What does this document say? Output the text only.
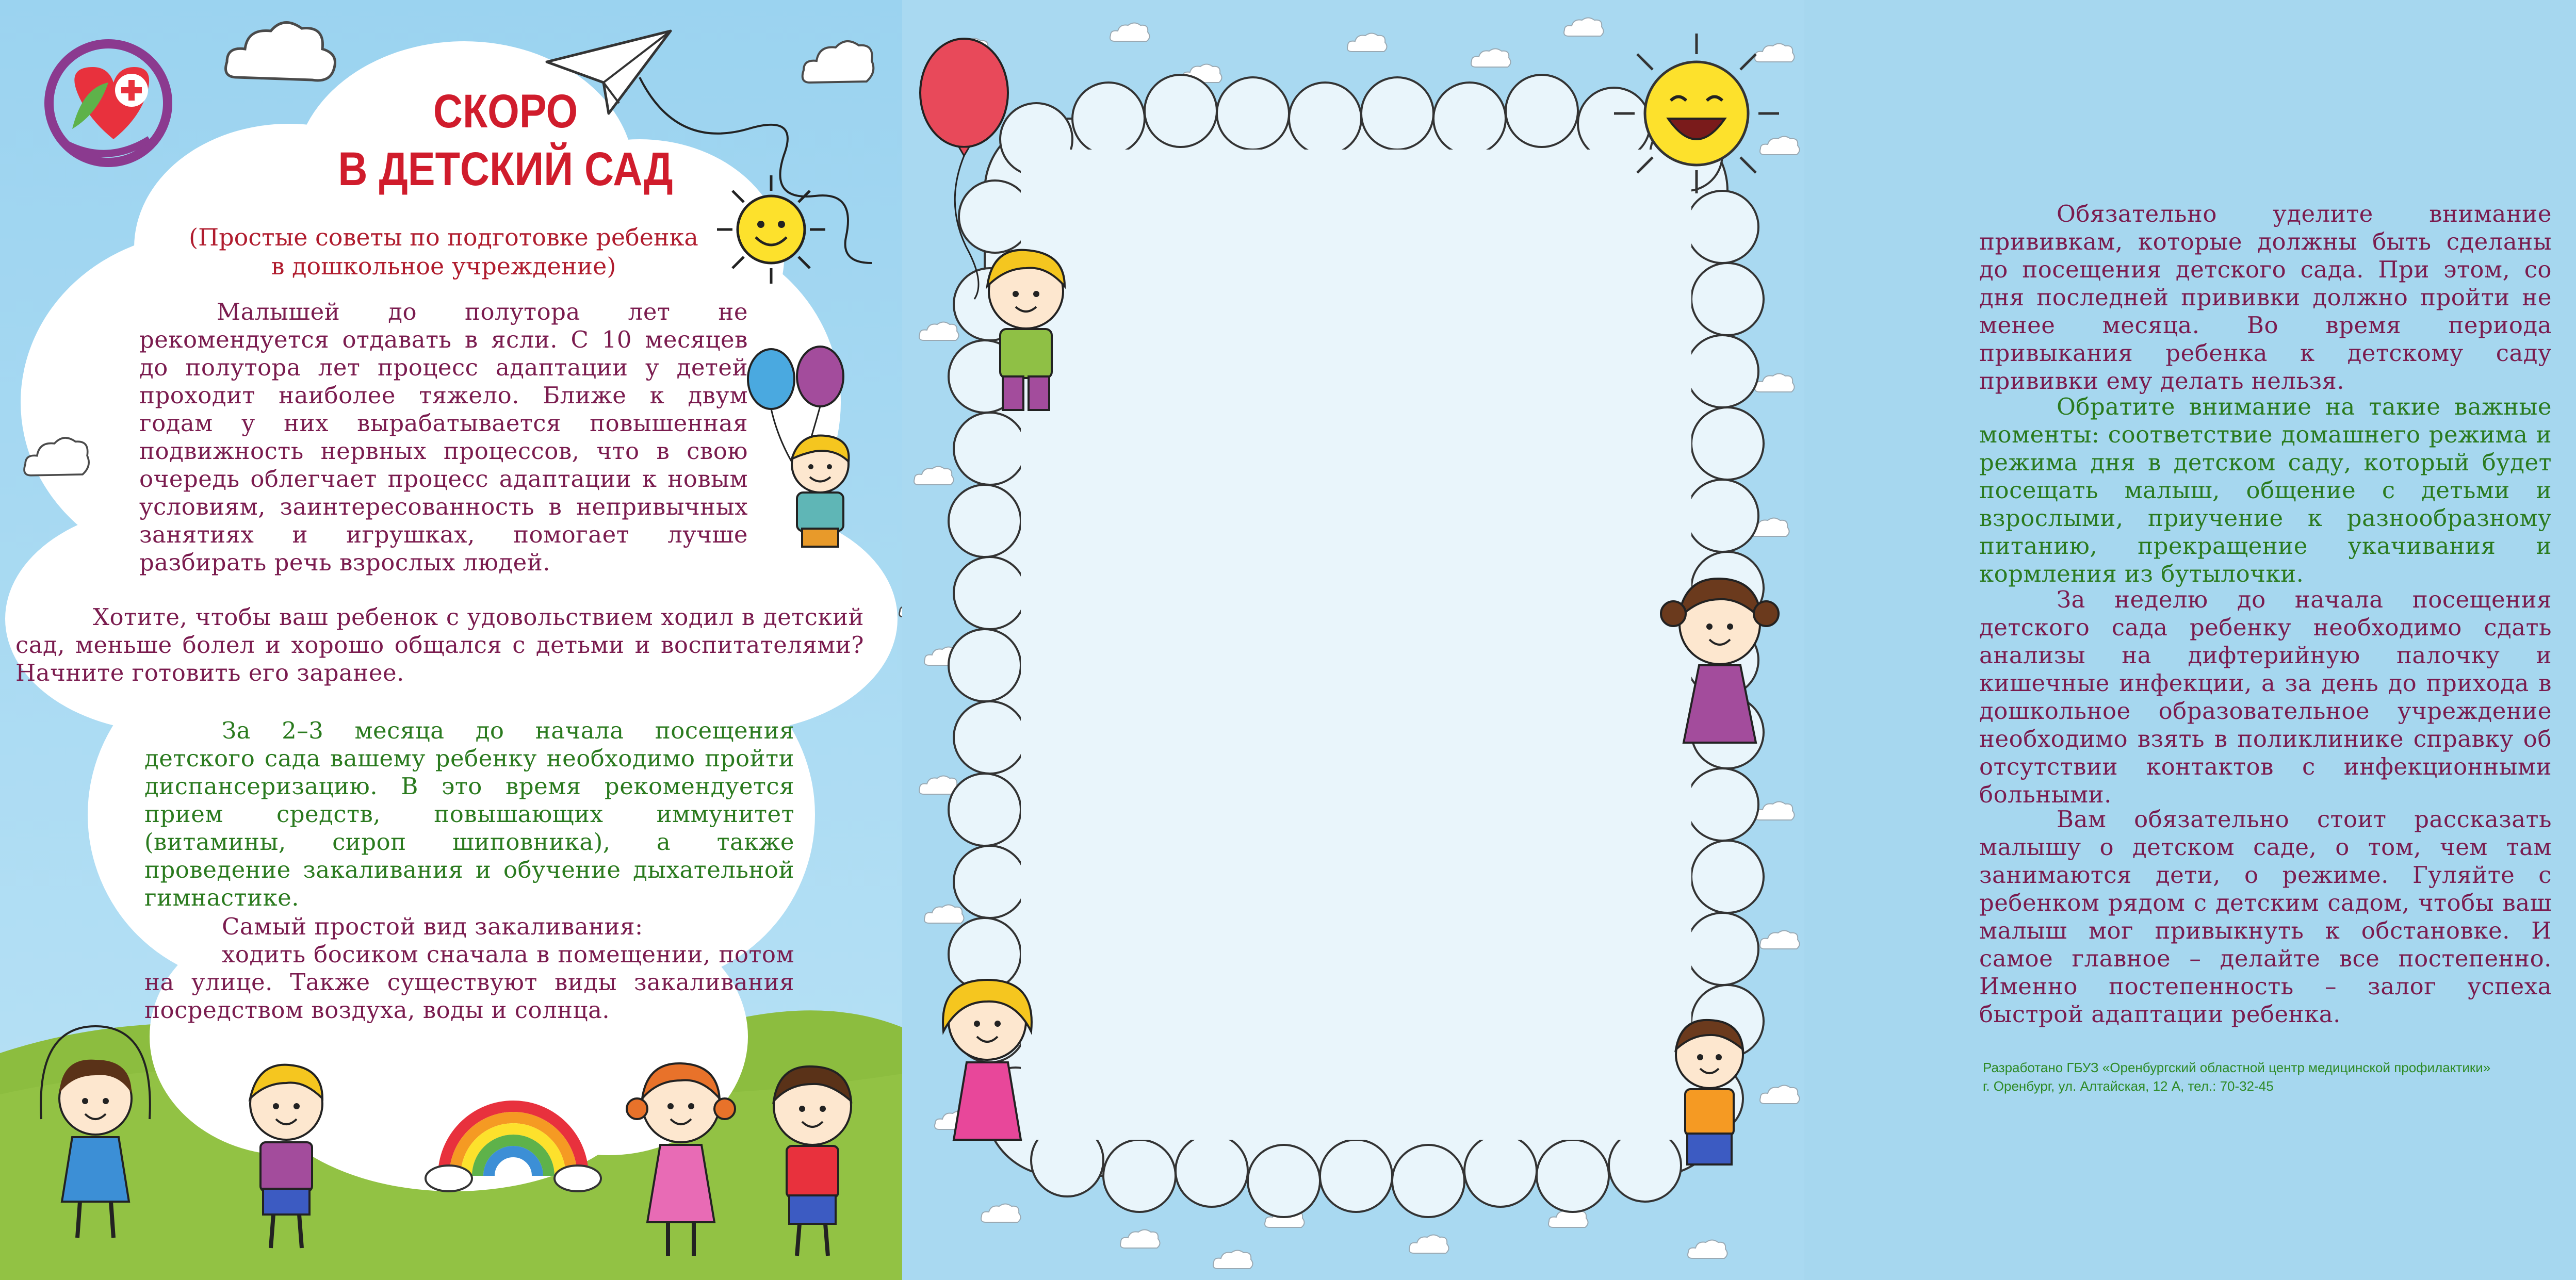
СКОРО
В ДЕТСКИЙ САД

(Простые советы по подготовке ребенка
в дошкольное учреждение)

Малышей до полутора лет не рекомендуется отдавать в ясли. С 10 месяцев до полутора лет процесс адаптации у детей проходит наиболее тяжело. Ближе к двум годам у них вырабатывается повышенная подвижность нервных процессов, что в свою очередь облегчает процесс адаптации к новым условиям, заинтересованность в непривычных занятиях и игрушках, помогает лучше разбирать речь взрослых людей.

Хотите, чтобы ваш ребенок с удовольствием ходил в детский сад, меньше болел и хорошо общался с детьми и воспитателями? Начните готовить его заранее.

За 2–3 месяца до начала посещения детского сада вашему ребенку необходимо пройти диспансеризацию. В это время рекомендуется прием средств, повышающих иммунитет (витамины, сироп шиповника), а также проведение закаливания и обучение дыхательной гимнастике.

Самый простой вид закаливания:
ходить босиком сначала в помещении, потом на улице. Также существуют виды закаливания посредством воздуха, воды и солнца.

Обязательно уделите внимание прививкам, которые должны быть сделаны до посещения детского сада. При этом, со дня последней прививки должно пройти не менее месяца. Во время периода привыкания ребенка к детскому саду прививки ему делать нельзя.

Обратите внимание на такие важные моменты: соответствие домашнего режима и режима дня в детском саду, который будет посещать малыш, общение с детьми и взрослыми, приучение к разнообразному питанию, прекращение укачивания и кормления из бутылочки.

За неделю до начала посещения детского сада ребенку необходимо сдать анализы на дифтерийную палочку и кишечные инфекции, а за день до прихода в дошкольное образовательное учреждение необходимо взять в поликлинике справку об отсутствии контактов с инфекционными больными.

Вам обязательно стоит рассказать малышу о детском саде, о том, чем там занимаются дети, о режиме. Гуляйте с ребенком рядом с детским садом, чтобы ваш малыш мог привыкнуть к обстановке. И самое главное – делайте все постепенно. Именно постепенность – залог успеха быстрой адаптации ребенка.

Разработано ГБУЗ «Оренбургский областной центр медицинской профилактики»
г. Оренбург, ул. Алтайская, 12 А, тел.: 70-32-45
